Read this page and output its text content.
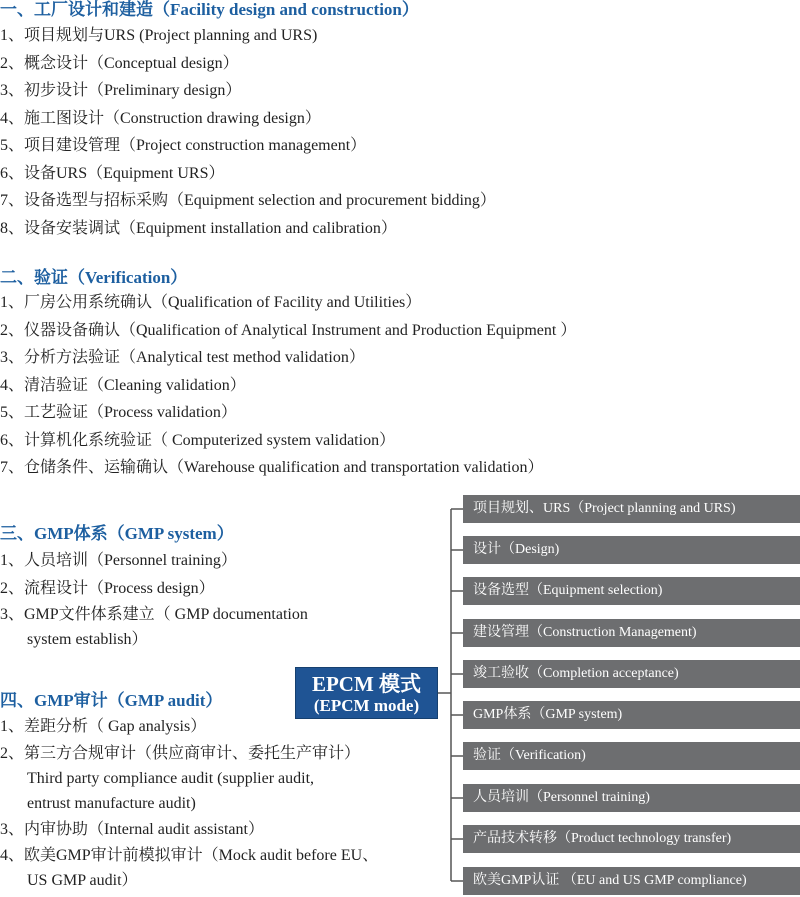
一、工厂设计和建造（Facility design and construction）
1、项目规划与URS (Project planning and URS)
2、概念设计（Conceptual design）
3、初步设计（Preliminary design）
4、施工图设计（Construction drawing design）
5、项目建设管理（Project construction management）
6、设备URS（Equipment URS）
7、设备选型与招标采购（Equipment selection and procurement bidding）
8、设备安装调试（Equipment installation and calibration）
二、验证（Verification）
1、厂房公用系统确认（Qualification of Facility and Utilities）
2、仪器设备确认（Qualification of Analytical Instrument and Production Equipment ）
3、分析方法验证（Analytical test method validation）
4、清洁验证（Cleaning validation）
5、工艺验证（Process validation）
6、计算机化系统验证（ Computerized system validation）
7、仓储条件、运输确认（Warehouse qualification and transportation validation）
三、GMP体系（GMP system）
1、人员培训（Personnel training）
2、流程设计（Process design）
3、GMP文件体系建立（ GMP documentation
system establish）
四、GMP审计（GMP audit）
1、差距分析（ Gap analysis）
2、第三方合规审计（供应商审计、委托生产审计）
Third party compliance audit (supplier audit,
entrust manufacture audit)
3、内审协助（Internal audit assistant）
4、欧美GMP审计前模拟审计（Mock audit before EU、
US GMP audit）
EPCM 模式
(EPCM mode)
项目规划、URS（Project planning and URS)
设计（Design)
设备选型（Equipment selection)
建设管理（Construction Management)
竣工验收（Completion acceptance)
GMP体系（GMP system)
验证（Verification)
人员培训（Personnel training)
产品技术转移（Product technology transfer)
欧美GMP认证 （EU and US GMP compliance)
